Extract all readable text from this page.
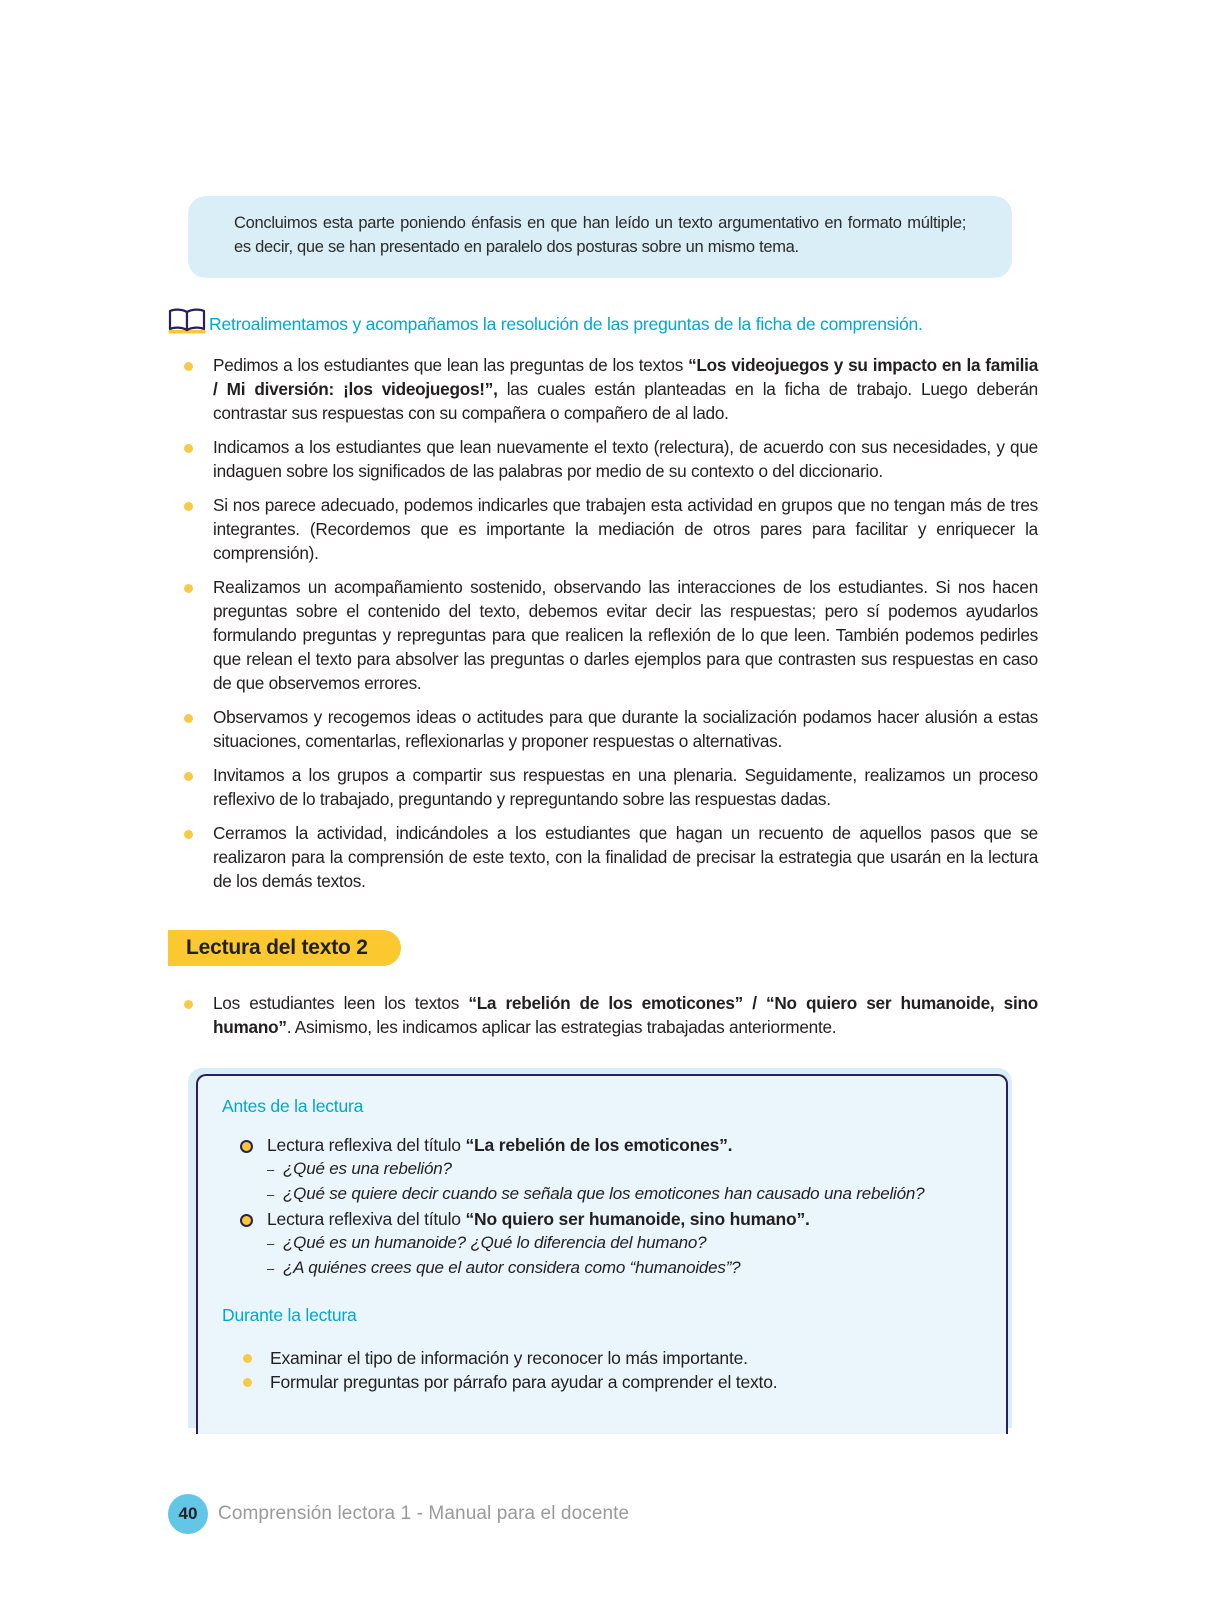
Concluimos esta parte poniendo énfasis en que han leído un texto argumentativo en formato múltiple; es decir, que se han presentado en paralelo dos posturas sobre un mismo tema.

Retroalimentamos y acompañamos la resolución de las preguntas de la ficha de comprensión.
Pedimos a los estudiantes que lean las preguntas de los textos “Los videojuegos y su impacto en la familia / Mi diversión: ¡los videojuegos!”, las cuales están planteadas en la ficha de trabajo. Luego deberán contrastar sus respuestas con su compañera o compañero de al lado.
Indicamos a los estudiantes que lean nuevamente el texto (relectura), de acuerdo con sus necesidades, y que indaguen sobre los significados de las palabras por medio de su contexto o del diccionario.
Si nos parece adecuado, podemos indicarles que trabajen esta actividad en grupos que no tengan más de tres integrantes. (Recordemos que es importante la mediación de otros pares para facilitar y enriquecer la comprensión).
Realizamos un acompañamiento sostenido, observando las interacciones de los estudiantes. Si nos hacen preguntas sobre el contenido del texto, debemos evitar decir las respuestas; pero sí podemos ayudarlos formulando preguntas y repreguntas para que realicen la reflexión de lo que leen. También podemos pedirles que relean el texto para absolver las preguntas o darles ejemplos para que contrasten sus respuestas en caso de que observemos errores.
Observamos y recogemos ideas o actitudes para que durante la socialización podamos hacer alusión a estas situaciones, comentarlas, reflexionarlas y proponer respuestas o alternativas.
Invitamos a los grupos a compartir sus respuestas en una plenaria. Seguidamente, realizamos un proceso reflexivo de lo trabajado, preguntando y repreguntando sobre las respuestas dadas.
Cerramos la actividad, indicándoles a los estudiantes que hagan un recuento de aquellos pasos que se realizaron para la comprensión de este texto, con la finalidad de precisar la estrategia que usarán en la lectura de los demás textos.
Lectura del texto 2
Los estudiantes leen los textos “La rebelión de los emoticones” / “No quiero ser humanoide, sino humano”. Asimismo, les indicamos aplicar las estrategias trabajadas anteriormente.
Antes de la lectura
Lectura reflexiva del título “La rebelión de los emoticones”.
– ¿Qué es una rebelión?
– ¿Qué se quiere decir cuando se señala que los emoticones han causado una rebelión?
Lectura reflexiva del título “No quiero ser humanoide, sino humano”.
– ¿Qué es un humanoide? ¿Qué lo diferencia del humano?
– ¿A quiénes crees que el autor considera como “humanoides”?
Durante la lectura
Examinar el tipo de información y reconocer lo más importante.
Formular preguntas por párrafo para ayudar a comprender el texto.
40	Comprensión lectora 1 - Manual para el docente
